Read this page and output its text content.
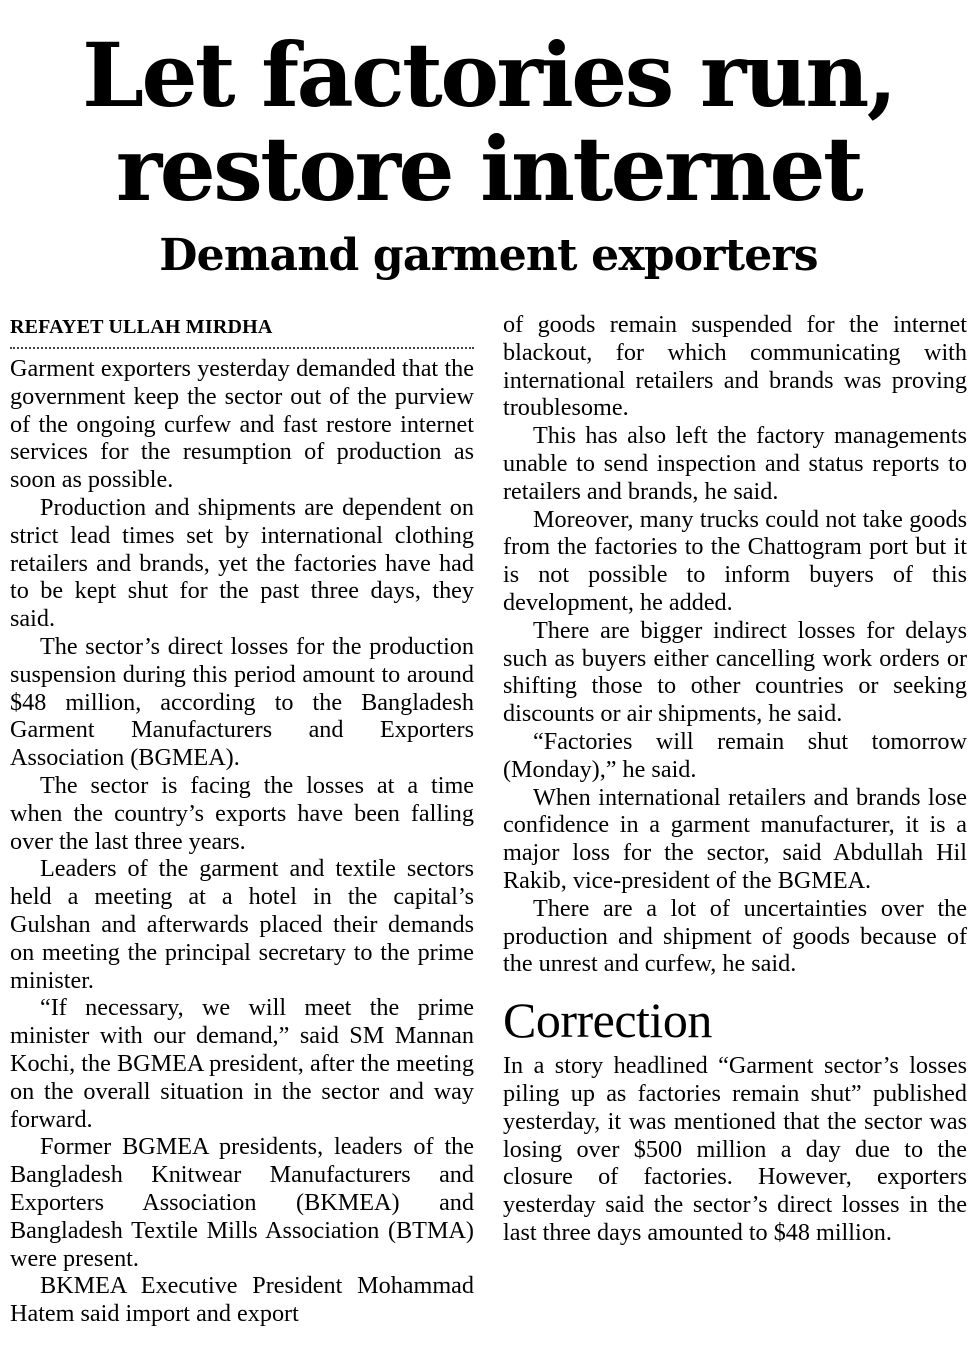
Let factories run,
restore internet
Demand garment exporters
REFAYET ULLAH MIRDHA

Garment exporters yesterday demanded that the government keep the sector out of the purview of the ongoing curfew and fast restore internet services for the resumption of production as soon as possible.

Production and shipments are dependent on strict lead times set by international clothing retailers and brands, yet the factories have had to be kept shut for the past three days, they said.

The sector’s direct losses for the production suspension during this period amount to around $48 million, according to the Bangladesh Garment Manufacturers and Exporters Association (BGMEA).

The sector is facing the losses at a time when the country’s exports have been falling over the last three years.

Leaders of the garment and textile sectors held a meeting at a hotel in the capital’s Gulshan and afterwards placed their demands on meeting the principal secretary to the prime minister.

“If necessary, we will meet the prime minister with our demand,” said SM Mannan Kochi, the BGMEA president, after the meeting on the overall situation in the sector and way forward.

Former BGMEA presidents, leaders of the Bangladesh Knitwear Manufacturers and Exporters Association (BKMEA) and Bangladesh Textile Mills Association (BTMA) were present.

BKMEA Executive President Mohammad Hatem said import and export

of goods remain suspended for the internet blackout, for which communicating with international retailers and brands was proving troublesome.

This has also left the factory managements unable to send inspection and status reports to retailers and brands, he said.

Moreover, many trucks could not take goods from the factories to the Chattogram port but it is not possible to inform buyers of this development, he added.

There are bigger indirect losses for delays such as buyers either cancelling work orders or shifting those to other countries or seeking discounts or air shipments, he said.

“Factories will remain shut tomorrow (Monday),” he said.

When international retailers and brands lose confidence in a garment manufacturer, it is a major loss for the sector, said Abdullah Hil Rakib, vice-president of the BGMEA.

There are a lot of uncertainties over the production and shipment of goods because of the unrest and curfew, he said.

Correction

In a story headlined “Garment sector’s losses piling up as factories remain shut” published yesterday, it was mentioned that the sector was losing over $500 million a day due to the closure of factories. However, exporters yesterday said the sector’s direct losses in the last three days amounted to $48 million.
